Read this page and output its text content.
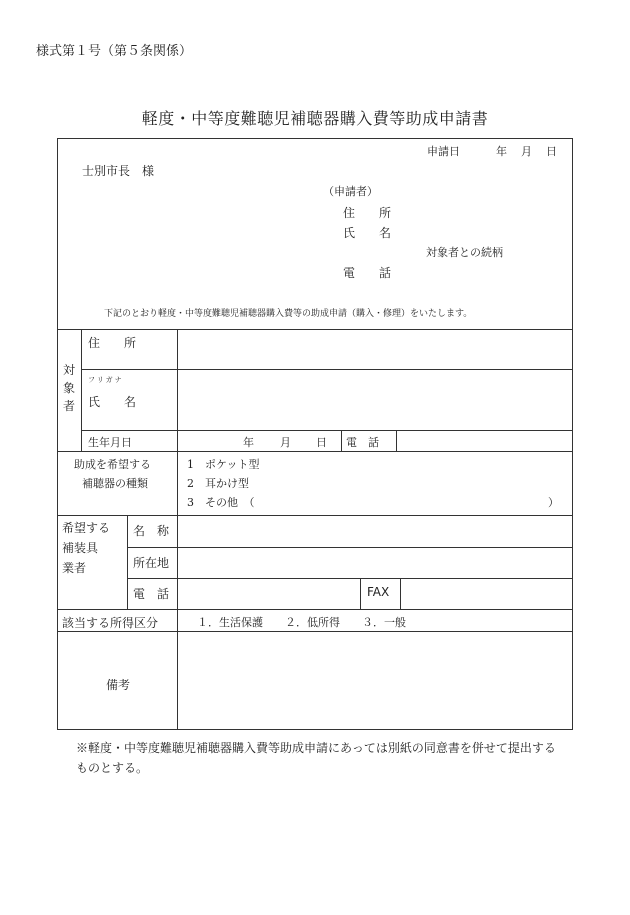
様式第１号（第５条関係）
軽度・中等度難聴児補聴器購入費等助成申請書
申請日	年 月 日
士別市長　様
（申請者）
住　　所
氏　　名
対象者との続柄
電　　話
下記のとおり軽度・中等度難聴児補聴器購入費等の助成申請（購入・修理）をいたします。
対
象
者
住　　所
フリガナ
氏　　名
生年月日	年 月 日 電　話
助成を希望する
補聴器の種類
1　ポケット型
2　耳かけ型
3　その他　（	）
希望する
補装具
業者
名　称
所在地
電　話	FAX
該当する所得区分	１．生活保護　　２．低所得　　３．一般
備考
※軽度・中等度難聴児補聴器購入費等助成申請にあっては別紙の同意書を併せて提出するものとする。
